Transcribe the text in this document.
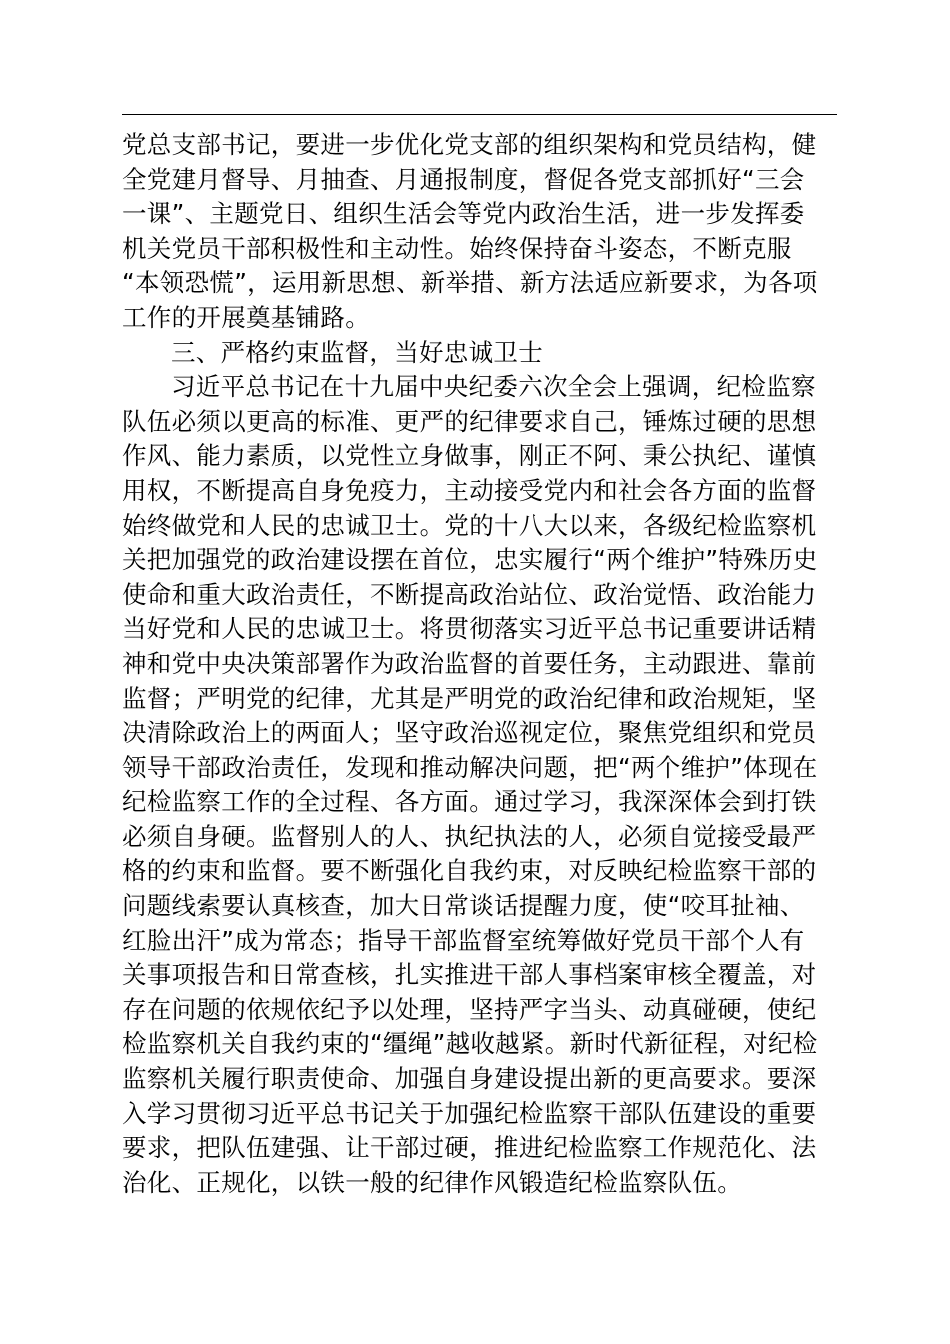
党总支部书记，要进一步优化党支部的组织架构和党员结构，健
全党建月督导、月抽查、月通报制度，督促各党支部抓好“三会
一课”、主题党日、组织生活会等党内政治生活，进一步发挥委
机关党员干部积极性和主动性。始终保持奋斗姿态，不断克服
“本领恐慌”，运用新思想、新举措、新方法适应新要求，为各项
工作的开展奠基铺路。

三、严格约束监督，当好忠诚卫士

习近平总书记在十九届中央纪委六次全会上强调，纪检监察
队伍必须以更高的标准、更严的纪律要求自己，锤炼过硬的思想
作风、能力素质，以党性立身做事，刚正不阿、秉公执纪、谨慎
用权，不断提高自身免疫力，主动接受党内和社会各方面的监督
始终做党和人民的忠诚卫士。党的十八大以来，各级纪检监察机
关把加强党的政治建设摆在首位，忠实履行“两个维护”特殊历史
使命和重大政治责任，不断提高政治站位、政治觉悟、政治能力
当好党和人民的忠诚卫士。将贯彻落实习近平总书记重要讲话精
神和党中央决策部署作为政治监督的首要任务，主动跟进、靠前
监督；严明党的纪律，尤其是严明党的政治纪律和政治规矩，坚
决清除政治上的两面人；坚守政治巡视定位，聚焦党组织和党员
领导干部政治责任，发现和推动解决问题，把“两个维护”体现在
纪检监察工作的全过程、各方面。通过学习，我深深体会到打铁
必须自身硬。监督别人的人、执纪执法的人，必须自觉接受最严
格的约束和监督。要不断强化自我约束，对反映纪检监察干部的
问题线索要认真核查，加大日常谈话提醒力度，使“咬耳扯袖、
红脸出汗”成为常态；指导干部监督室统筹做好党员干部个人有
关事项报告和日常查核，扎实推进干部人事档案审核全覆盖，对
存在问题的依规依纪予以处理，坚持严字当头、动真碰硬，使纪
检监察机关自我约束的“缰绳”越收越紧。新时代新征程，对纪检
监察机关履行职责使命、加强自身建设提出新的更高要求。要深
入学习贯彻习近平总书记关于加强纪检监察干部队伍建设的重要
要求，把队伍建强、让干部过硬，推进纪检监察工作规范化、法
治化、正规化，以铁一般的纪律作风锻造纪检监察队伍。
